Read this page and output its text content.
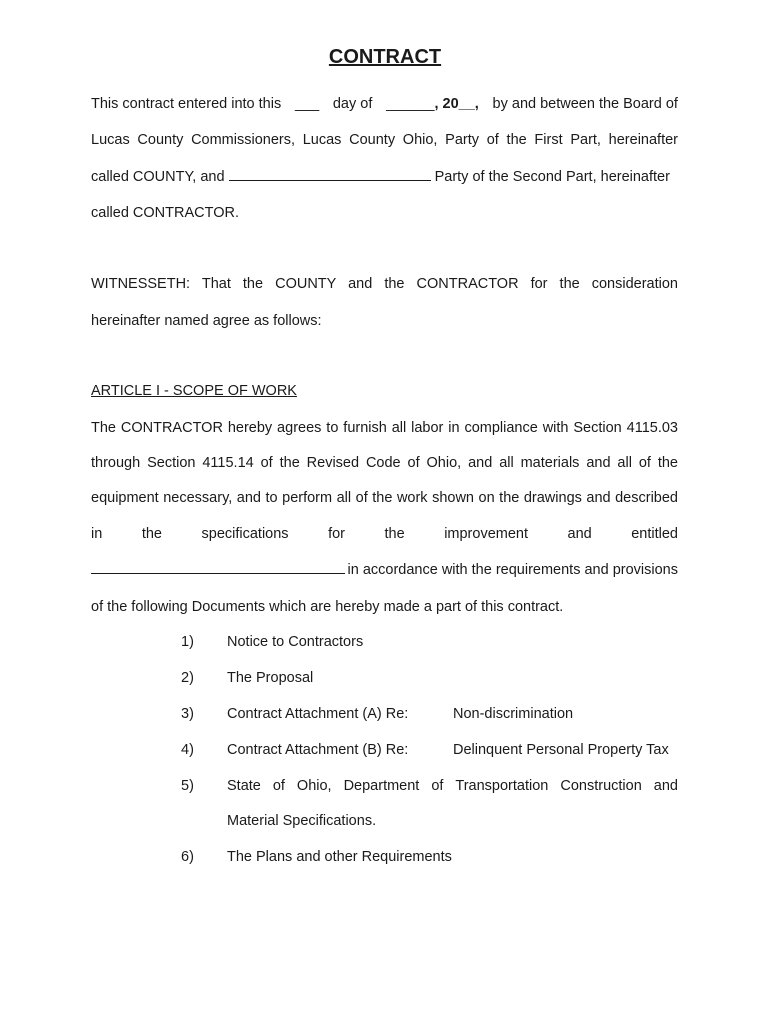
CONTRACT
This contract entered into this ___ day of ______, 20__, by and between the Board of
Lucas County Commissioners, Lucas County Ohio, Party of the First Part, hereinafter
called COUNTY, and	Party of the Second Part, hereinafter
called CONTRACTOR.
WITNESSETH: That the COUNTY and the CONTRACTOR for the consideration
hereinafter named agree as follows:
ARTICLE I - SCOPE OF WORK
The CONTRACTOR hereby agrees to furnish all labor in compliance with Section 4115.03
through Section 4115.14 of the Revised Code of Ohio, and all materials and all of the
equipment necessary, and to perform all of the work shown on the drawings and described
in	the	specifications	for	the	improvement	and	entitled
in accordance with the requirements and provisions
of the following Documents which are hereby made a part of this contract.
1) Notice to Contractors
2) The Proposal
3) Contract Attachment (A) Re:	Non-discrimination
4) Contract Attachment (B) Re:	Delinquent Personal Property Tax
5) State of Ohio, Department of Transportation Construction and
Material Specifications.
6) The Plans and other Requirements
